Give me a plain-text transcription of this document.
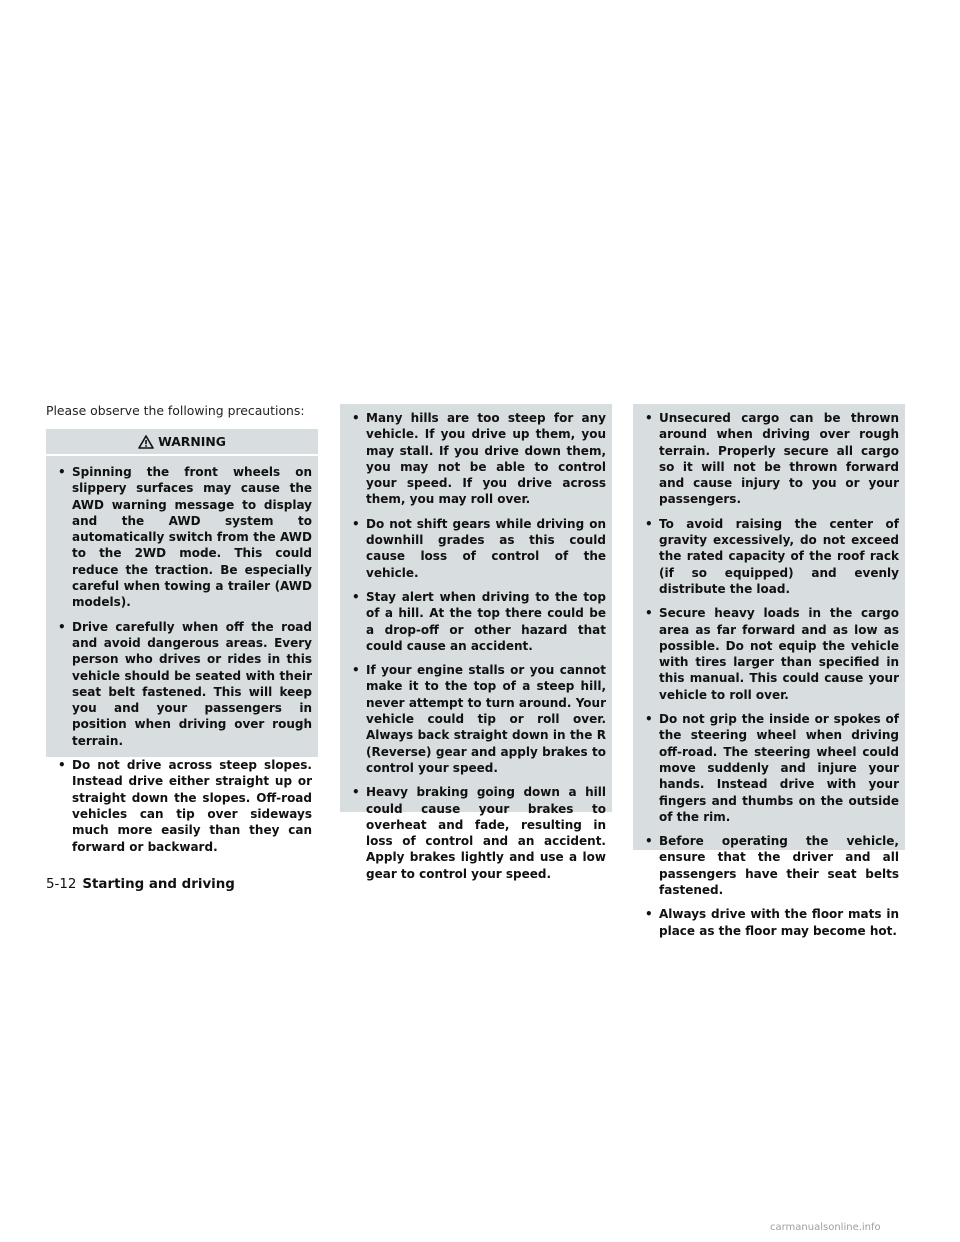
Please observe the following precautions:

WARNING
• Spinning the front wheels on slippery surfaces may cause the AWD warning message to display and the AWD system to automatically switch from the AWD to the 2WD mode. This could reduce the traction. Be especially careful when towing a trailer (AWD models).
• Drive carefully when off the road and avoid dangerous areas. Every person who drives or rides in this vehicle should be seated with their seat belt fastened. This will keep you and your passengers in position when driving over rough terrain.
• Do not drive across steep slopes. Instead drive either straight up or straight down the slopes. Off-road vehicles can tip over sideways much more easily than they can forward or backward.
• Many hills are too steep for any vehicle. If you drive up them, you may stall. If you drive down them, you may not be able to control your speed. If you drive across them, you may roll over.
• Do not shift gears while driving on downhill grades as this could cause loss of control of the vehicle.
• Stay alert when driving to the top of a hill. At the top there could be a drop-off or other hazard that could cause an accident.
• If your engine stalls or you cannot make it to the top of a steep hill, never attempt to turn around. Your vehicle could tip or roll over. Always back straight down in the R (Reverse) gear and apply brakes to control your speed.
• Heavy braking going down a hill could cause your brakes to overheat and fade, resulting in loss of control and an accident. Apply brakes lightly and use a low gear to control your speed.
• Unsecured cargo can be thrown around when driving over rough terrain. Properly secure all cargo so it will not be thrown forward and cause injury to you or your passengers.
• To avoid raising the center of gravity excessively, do not exceed the rated capacity of the roof rack (if so equipped) and evenly distribute the load.
• Secure heavy loads in the cargo area as far forward and as low as possible. Do not equip the vehicle with tires larger than specified in this manual. This could cause your vehicle to roll over.
• Do not grip the inside or spokes of the steering wheel when driving off-road. The steering wheel could move suddenly and injure your hands. Instead drive with your fingers and thumbs on the outside of the rim.
• Before operating the vehicle, ensure that the driver and all passengers have their seat belts fastened.
• Always drive with the floor mats in place as the floor may become hot.
5-12 Starting and driving
carmanualsonline.info
